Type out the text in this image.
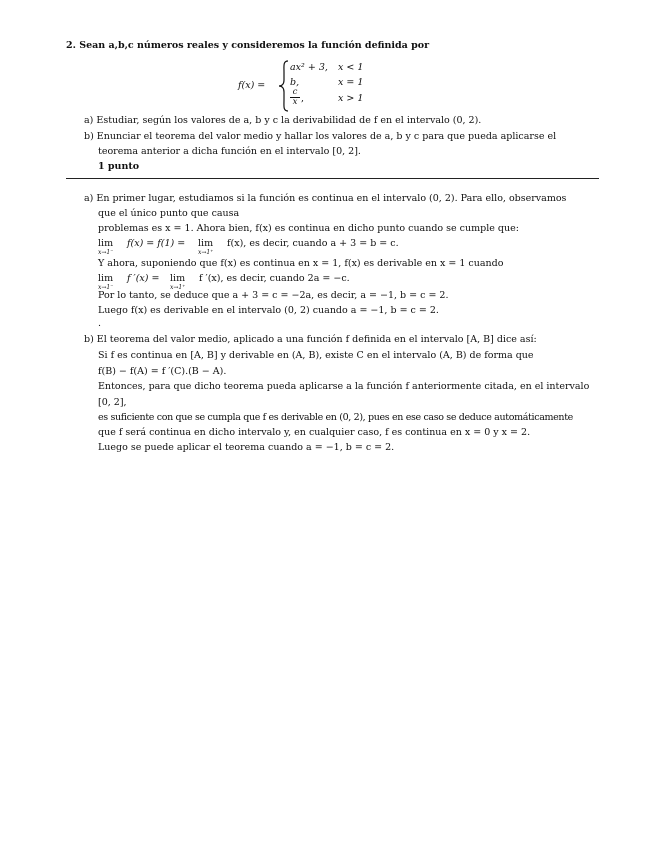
2. Sean a,b,c números reales y consideremos la función definida por
f(x) =
ax² + 3, x < 1
b,	x = 1
$\frac{c}{x}$ ,	x > 1
a) Estudiar, según los valores de a, b y c la derivabilidad de f en el intervalo (0, 2).
b) Enunciar el teorema del valor medio y hallar los valores de a, b y c para que pueda aplicarse el
teorema anterior a dicha función en el intervalo [0, 2].
1 punto
a) En primer lugar, estudiamos si la función es continua en el intervalo (0, 2). Para ello, observamos
que el único punto que causa
problemas es x = 1. Ahora bien, f(x) es continua en dicho punto cuando se cumple que:
lim
x→1⁻
f(x) = f(1) = lim
x→1⁺
f(x), es decir, cuando a + 3 = b = c.
Y ahora, suponiendo que f(x) es continua en x = 1, f(x) es derivable en x = 1 cuando
lim
x→1⁻
f ′(x) = lim
x→1⁺
f ′(x), es decir, cuando 2a = −c.
Por lo tanto, se deduce que a + 3 = c = −2a, es decir, a = −1, b = c = 2.
Luego f(x) es derivable en el intervalo (0, 2) cuando a = −1, b = c = 2.
.
b) El teorema del valor medio, aplicado a una función f definida en el intervalo [A, B] dice así:
Si f es continua en [A, B] y derivable en (A, B), existe C en el intervalo (A, B) de forma que
f(B) − f(A) = f ′(C).(B − A).
Entonces, para que dicho teorema pueda aplicarse a la función f anteriormente citada, en el intervalo
[0, 2],
es suficiente con que se cumpla que f es derivable en (0, 2), pues en ese caso se deduce automáticamente
que f será continua en dicho intervalo y, en cualquier caso, f es continua en x = 0 y x = 2.
Luego se puede aplicar el teorema cuando a = −1, b = c = 2.
